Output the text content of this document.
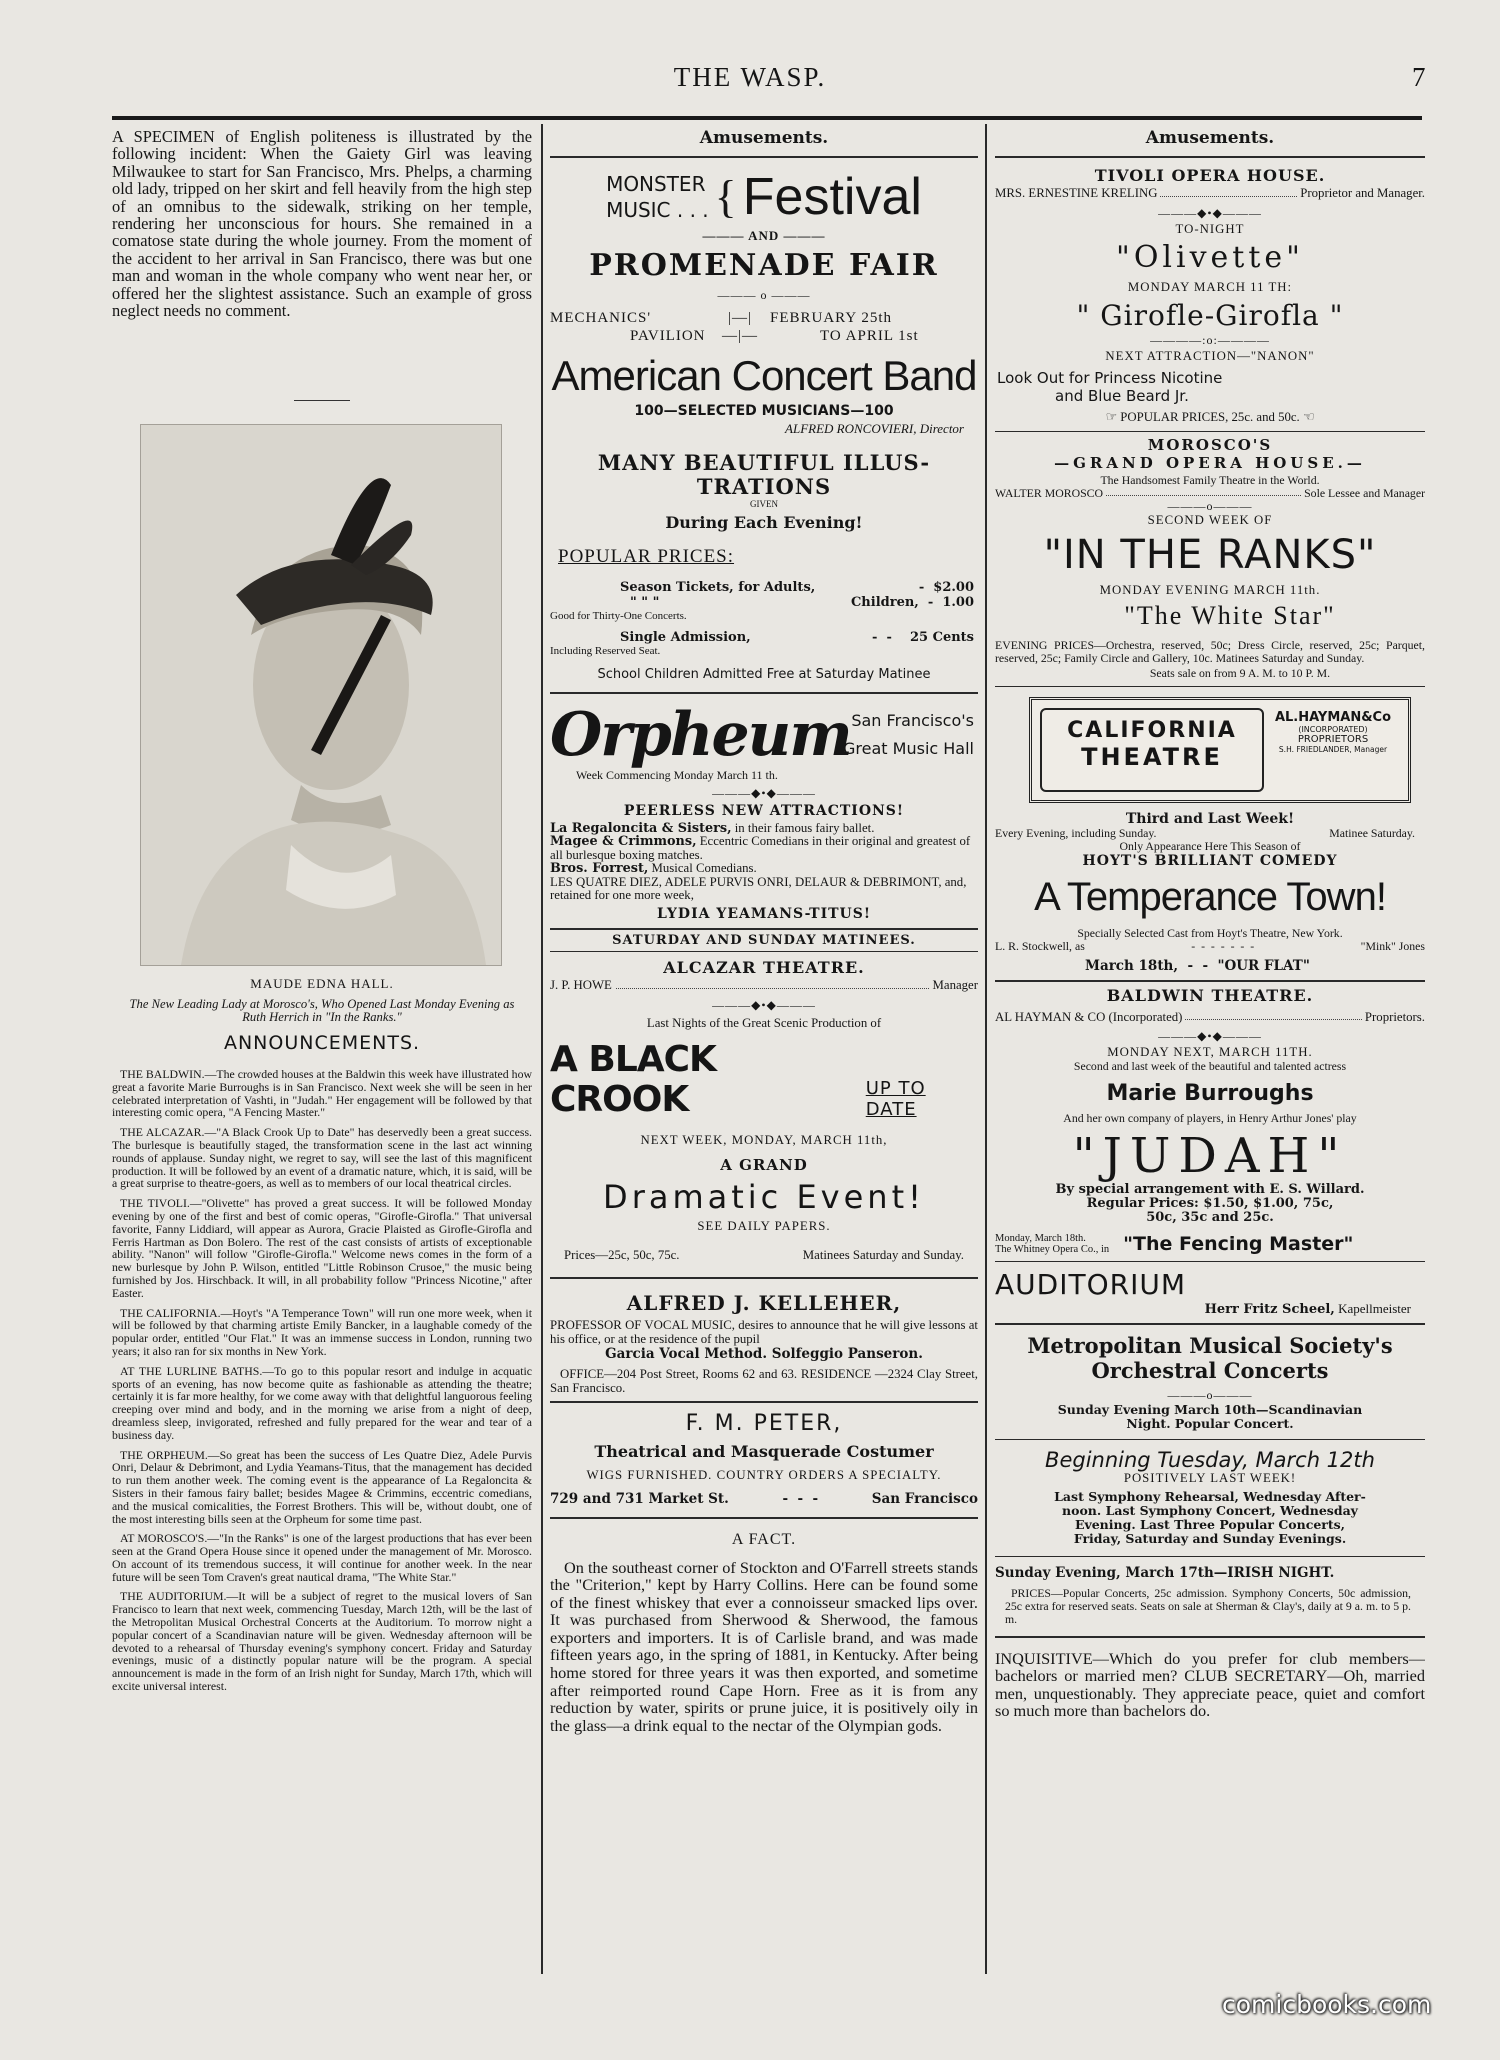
THE WASP.	7

A SPECIMEN of English politeness is illustrated by the following incident: When the Gaiety Girl was leaving Milwaukee to start for San Francisco, Mrs. Phelps, a charming old lady, tripped on her skirt and fell heavily from the high step of an omnibus to the sidewalk, striking on her temple, rendering her unconscious for hours. She remained in a comatose state during the whole journey. From the moment of the accident to her arrival in San Francisco, there was but one man and woman in the whole company who went near her, or offered her the slightest assistance. Such an example of gross neglect needs no comment.

MAUDE EDNA HALL.

The New Leading Lady at Morosco's, Who Opened Last Monday Evening as Ruth Herrich in "In the Ranks."

ANNOUNCEMENTS.

THE BALDWIN.—The crowded houses at the Baldwin this week have illustrated how great a favorite Marie Burroughs is in San Francisco. Next week she will be seen in her celebrated interpretation of Vashti, in "Judah." Her engagement will be followed by that interesting comic opera, "A Fencing Master."

THE ALCAZAR.—"A Black Crook Up to Date" has deservedly been a great success. The burlesque is beautifully staged, the transformation scene in the last act winning rounds of applause. Sunday night, we regret to say, will see the last of this magnificent production. It will be followed by an event of a dramatic nature, which, it is said, will be a great surprise to theatre-goers, as well as to members of our local theatrical circles.

THE TIVOLI.—"Olivette" has proved a great success. It will be followed Monday evening by one of the first and best of comic operas, "Girofle-Girofla." That universal favorite, Fanny Liddiard, will appear as Aurora, Gracie Plaisted as Girofle-Girofla and Ferris Hartman as Don Bolero. The rest of the cast consists of artists of exceptionable ability. "Nanon" will follow "Girofle-Girofla." Welcome news comes in the form of a new burlesque by John P. Wilson, entitled "Little Robinson Crusoe," the music being furnished by Jos. Hirschback. It will, in all probability follow "Princess Nicotine," after Easter.

THE CALIFORNIA.—Hoyt's "A Temperance Town" will run one more week, when it will be followed by that charming artiste Emily Bancker, in a laughable comedy of the popular order, entitled "Our Flat." It was an immense success in London, running two years; it also ran for six months in New York.

AT THE LURLINE BATHS.—To go to this popular resort and indulge in acquatic sports of an evening, has now become quite as fashionable as attending the theatre; certainly it is far more healthy, for we come away with that delightful languorous feeling creeping over mind and body, and in the morning we arise from a night of deep, dreamless sleep, invigorated, refreshed and fully prepared for the wear and tear of a business day.

THE ORPHEUM.—So great has been the success of Les Quatre Diez, Adele Purvis Onri, Delaur & Debrimont, and Lydia Yeamans-Titus, that the management has decided to run them another week. The coming event is the appearance of La Regaloncita & Sisters in their famous fairy ballet; besides Magee & Crimmins, eccentric comedians, and the musical comicalities, the Forrest Brothers. This will be, without doubt, one of the most interesting bills seen at the Orpheum for some time past.

AT MOROSCO'S.—"In the Ranks" is one of the largest productions that has ever been seen at the Grand Opera House since it opened under the management of Mr. Morosco. On account of its tremendous success, it will continue for another week. In the near future will be seen Tom Craven's great nautical drama, "The White Star."

THE AUDITORIUM.—It will be a subject of regret to the musical lovers of San Francisco to learn that next week, commencing Tuesday, March 12th, will be the last of the Metropolitan Musical Orchestral Concerts at the Auditorium. To morrow night a popular concert of a Scandinavian nature will be given. Wednesday afternoon will be devoted to a rehearsal of Thursday evening's symphony concert. Friday and Saturday evenings, music of a distinctly popular nature will be the program. A special announcement is made in the form of an Irish night for Sunday, March 17th, which will excite universal interest.

Amusements.

MONSTER
MUSIC . . . { Festival
——— AND ———

PROMENADE FAIR

——— o ———
MECHANICS'
PAVILION
|—|
—|—
FEBRUARY 25th
TO APRIL 1st

American Concert Band

100—SELECTED MUSICIANS—100

ALFRED RONCOVIERI, Director

MANY BEAUTIFUL ILLUS-

TRATIONS

GIVEN

During Each Evening!

POPULAR PRICES:

Season Tickets, for Adults,	-  $2.00
" " "	Children,  -  1.00
Good for Thirty-One Concerts.
Single Admission,	-  -    25 Cents
Including Reserved Seat.

School Children Admitted Free at Saturday Matinee

Orpheum San Francisco's
Great Music Hall

Week Commencing Monday March 11 th.

———◆•◆———

PEERLESS NEW ATTRACTIONS!

La Regaloncita & Sisters, in their famous fairy ballet.

Magee & Crimmons, Eccentric Comedians in their original and greatest of all burlesque boxing matches.

Bros. Forrest, Musical Comedians.

LES QUATRE DIEZ, ADELE PURVIS ONRI, DELAUR & DEBRIMONT, and, retained for one more week,

LYDIA YEAMANS-TITUS!

SATURDAY AND SUNDAY MATINEES.

ALCAZAR THEATRE.

J. P. HOWE	Manager
———◆•◆———

Last Nights of the Great Scenic Production of

A BLACK CROOK	UP TO DATE

NEXT WEEK, MONDAY, MARCH 11th,

A GRAND

Dramatic Event!

SEE DAILY PAPERS.

Prices—25c, 50c, 75c.	Matinees Saturday and Sunday.

ALFRED J. KELLEHER,

PROFESSOR OF VOCAL MUSIC, desires to announce that he will give lessons at his office, or at the residence of the pupil

Garcia Vocal Method. Solfeggio Panseron.

OFFICE—204 Post Street, Rooms 62 and 63. RESIDENCE —2324 Clay Street, San Francisco.

F. M. PETER,

Theatrical and Masquerade Costumer

WIGS FURNISHED. COUNTRY ORDERS A SPECIALTY.

729 and 731 Market St.	-  -  -	San Francisco

A FACT.

On the southeast corner of Stockton and O'Farrell streets stands the "Criterion," kept by Harry Collins. Here can be found some of the finest whiskey that ever a connoisseur smacked lips over. It was purchased from Sherwood & Sherwood, the famous exporters and importers. It is of Carlisle brand, and was made fifteen years ago, in the spring of 1881, in Kentucky. After being home stored for three years it was then exported, and sometime after reimported round Cape Horn. Free as it is from any reduction by water, spirits or prune juice, it is positively oily in the glass—a drink equal to the nectar of the Olympian gods.

Amusements.

TIVOLI OPERA HOUSE.

MRS. ERNESTINE KRELING	Proprietor and Manager.
———◆•◆———

TO-NIGHT

"Olivette"

MONDAY MARCH 11 TH:

" Girofle-Girofla "

————:o:————

NEXT ATTRACTION—"NANON"

Look Out for Princess Nicotine

and Blue Beard Jr.

☞ POPULAR PRICES, 25c. and 50c. ☜

MOROSCO'S

—GRAND OPERA HOUSE.—

The Handsomest Family Theatre in the World.

WALTER MOROSCO	Sole Lessee and Manager
———o———

SECOND WEEK OF

"IN THE RANKS"

MONDAY EVENING MARCH 11th.

"The White Star"

EVENING PRICES—Orchestra, reserved, 50c; Dress Circle, reserved, 25c; Parquet, reserved, 25c; Family Circle and Gallery, 10c. Matinees Saturday and Sunday.

Seats sale on from 9 A. M. to 10 P. M.

CALIFORNIA
THEATRE
AL.HAYMAN&Co
(INCORPORATED)
PROPRIETORS
S.H. FRIEDLANDER, Manager

Third and Last Week!

Every Evening, including Sunday.	Matinee Saturday.

Only Appearance Here This Season of

HOYT'S BRILLIANT COMEDY

A Temperance Town!

Specially Selected Cast from Hoyt's Theatre, New York.

L. R. Stockwell, as	-  -  -  -  -  -  -	"Mink" Jones

March 18th,  -  -  "OUR FLAT"

BALDWIN THEATRE.

AL HAYMAN & CO (Incorporated)	Proprietors.
———◆•◆———

MONDAY NEXT, MARCH 11TH.

Second and last week of the beautiful and talented actress

Marie Burroughs

And her own company of players, in Henry Arthur Jones' play

"JUDAH"

By special arrangement with E. S. Willard.

Regular Prices: $1.50, $1.00, 75c,

50c, 35c and 25c.

Monday, March 18th.
The Whitney Opera Co., in "The Fencing Master"

AUDITORIUM

Herr Fritz Scheel, Kapellmeister

Metropolitan Musical Society's

Orchestral Concerts

———o———

Sunday Evening March 10th—Scandinavian

Night. Popular Concert.

Beginning Tuesday, March 12th

POSITIVELY LAST WEEK!

Last Symphony Rehearsal, Wednesday After-

noon. Last Symphony Concert, Wednesday

Evening. Last Three Popular Concerts,

Friday, Saturday and Sunday Evenings.

Sunday Evening, March 17th—IRISH NIGHT.

PRICES—Popular Concerts, 25c admission. Symphony Concerts, 50c admission, 25c extra for reserved seats. Seats on sale at Sherman & Clay's, daily at 9 a. m. to 5 p. m.

INQUISITIVE—Which do you prefer for club members—bachelors or married men? CLUB SECRETARY—Oh, married men, unquestionably. They appreciate peace, quiet and comfort so much more than bachelors do.

comicbooks.com
